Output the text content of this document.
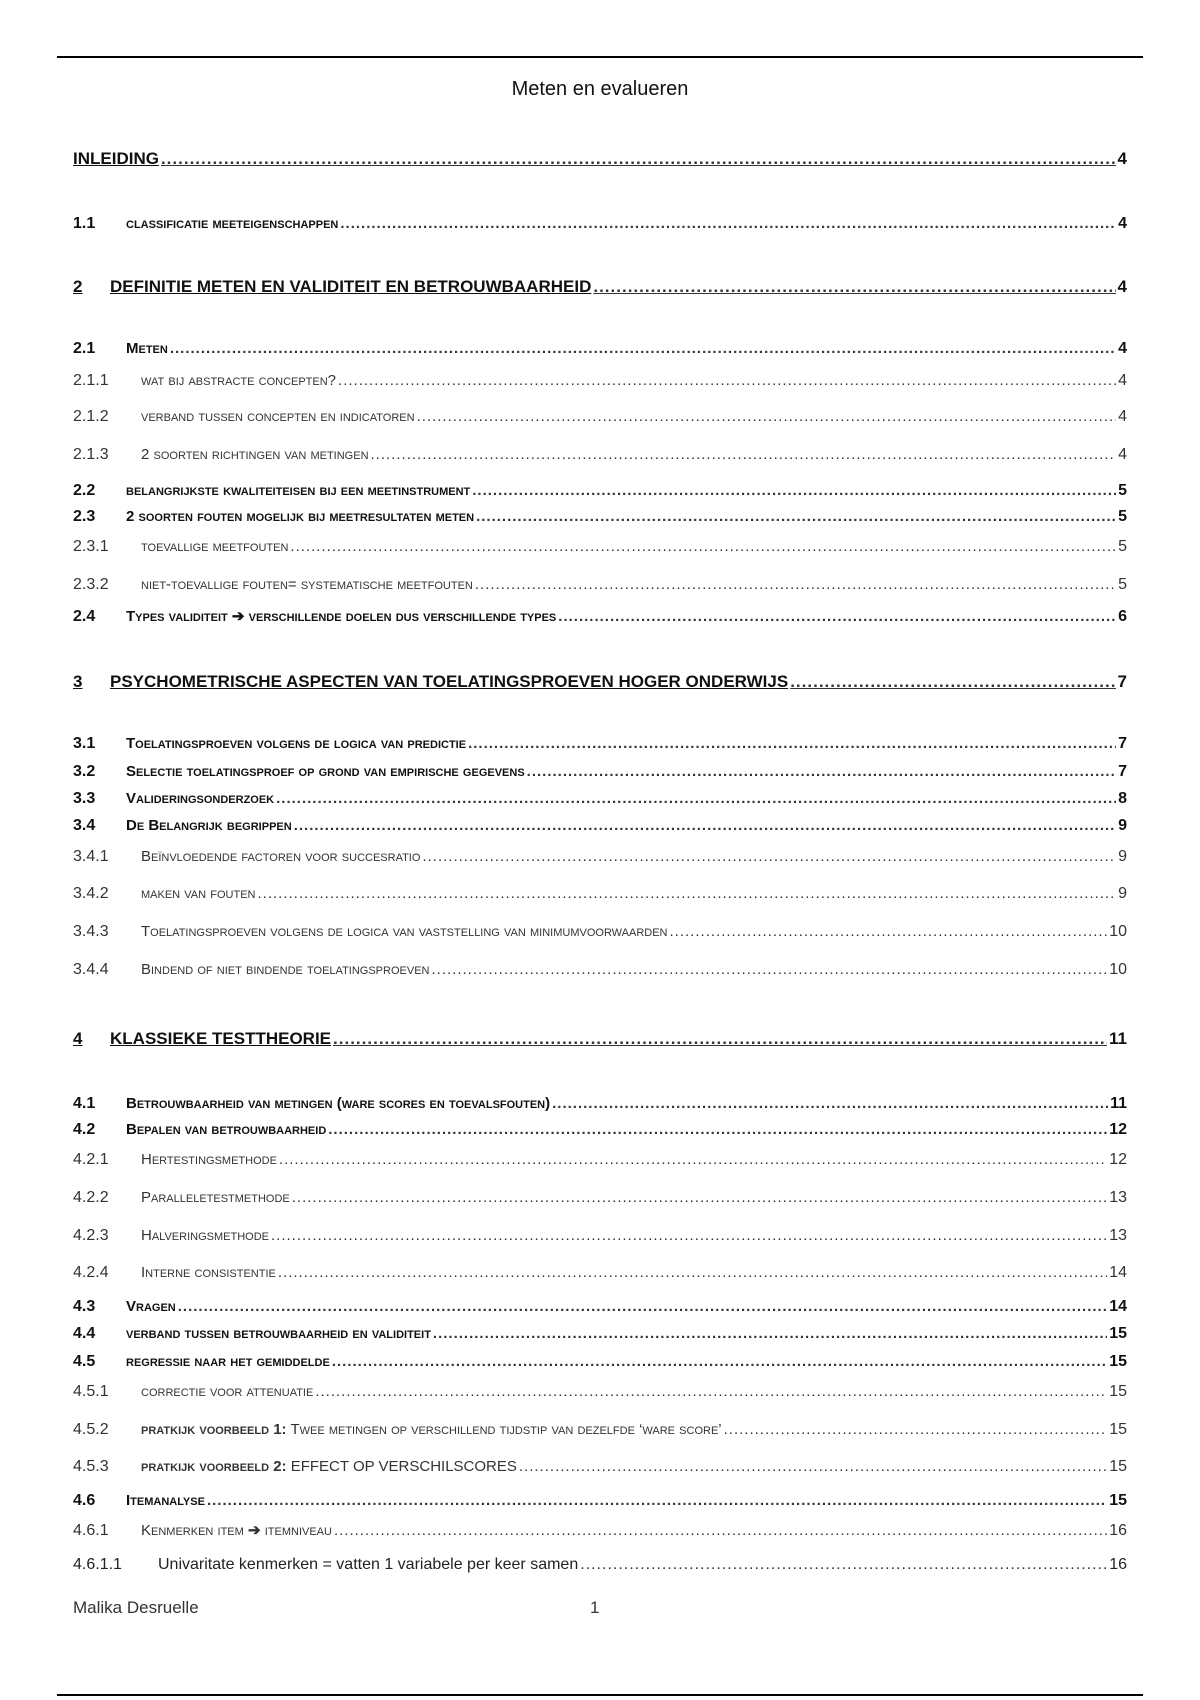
Meten en evalueren
INLEIDING .....	4
1.1	classificatie meeteigenschappen .....	4
2	DEFINITIE METEN EN VALIDITEIT EN BETROUWBAARHEID .....	4
2.1	Meten .....	4
2.1.1	wat bij abstracte concepten? .....	4
2.1.2	verband tussen concepten en indicatoren .....	4
2.1.3	2 soorten richtingen van metingen .....	4
2.2	belangrijkste kwaliteiteisen bij een meetinstrument .....	5
2.3	2 soorten fouten mogelijk bij meetresultaten meten .....	5
2.3.1	toevallige meetfouten .....	5
2.3.2	niet-toevallige fouten= systematische meetfouten .....	5
2.4	Types validiteit ➔ verschillende doelen dus verschillende types .....	6
3	PSYCHOMETRISCHE ASPECTEN VAN TOELATINGSPROEVEN HOGER ONDERWIJS .....	7
3.1	Toelatingsproeven volgens de logica van predictie .....	7
3.2	Selectie toelatingsproef op grond van empirische gegevens .....	7
3.3	Valideringsonderzoek .....	8
3.4	De Belangrijk begrippen .....	9
3.4.1	Beïnvloedende factoren voor succesratio .....	9
3.4.2	maken van fouten .....	9
3.4.3	Toelatingsproeven volgens de logica van vaststelling van minimumvoorwaarden .....	10
3.4.4	Bindend of niet bindende toelatingsproeven .....	10
4	KLASSIEKE TESTTHEORIE .....	11
4.1	Betrouwbaarheid van metingen (ware scores en toevalsfouten) .....	11
4.2	Bepalen van betrouwbaarheid .....	12
4.2.1	Hertestingsmethode .....	12
4.2.2	Paralleletestmethode .....	13
4.2.3	Halveringsmethode .....	13
4.2.4	Interne consistentie .....	14
4.3	Vragen .....	14
4.4	verband tussen betrouwbaarheid en validiteit .....	15
4.5	regressie naar het gemiddelde .....	15
4.5.1	correctie voor attenuatie .....	15
4.5.2	pratkijk voorbeeld 1: Twee metingen op verschillend tijdstip van dezelfde ‘ware score’ .....	15
4.5.3	pratkijk voorbeeld 2: EFFECT OP VERSCHILSCORES .....	15
4.6	Itemanalyse .....	15
4.6.1	Kenmerken item ➔ itemniveau .....	16
4.6.1.1	Univaritate kenmerken = vatten 1 variabele per keer samen .....	16
Malika Desruelle	1
